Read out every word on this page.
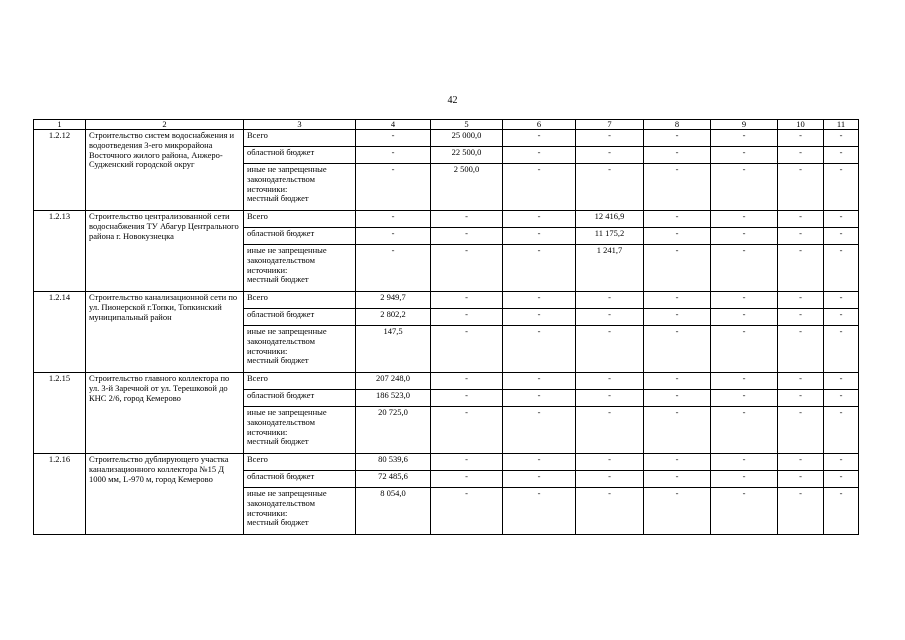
42
1	2	3	4	5	6	7	8	9	10	11
1.2.12	Строительство систем водоснабжения и водоотведения 3-его микрорайона Восточного жилого района, Анжеро-Судженский городской округ	Всего	-	25 000,0	-	-	-	-	-	-
		областной бюджет	-	22 500,0	-	-	-	-	-	-

		иные не запрещенные
законодательством
источники:
местный бюджет	-	2 500,0	-	-	-	-	-	-
1.2.13	Строительство централизованной сети водоснабжения ТУ Абагур Центрального района г. Новокузнецка	Всего	-	-	-	12 416,9	-	-	-	-
		областной бюджет	-	-	-	11 175,2	-	-	-	-

		иные не запрещенные
законодательством
источники:
местный бюджет	-	-	-	1 241,7	-	-	-	-
1.2.14	Строительство канализационной сети по ул. Пионерской г.Топки, Топкинский муниципальный район	Всего	2 949,7	-	-	-	-	-	-	-
		областной бюджет	2 802,2	-	-	-	-	-	-	-

		иные не запрещенные
законодательством
источники:
местный бюджет	147,5	-	-	-	-	-	-	-
1.2.15	Строительство главного коллектора по ул. 3-й Заречной от ул. Терешковой до КНС 2/6, город Кемерово	Всего	207 248,0	-	-	-	-	-	-	-
		областной бюджет	186 523,0	-	-	-	-	-	-	-

		иные не запрещенные
законодательством
источники:
местный бюджет	20 725,0	-	-	-	-	-	-	-
1.2.16	Строительство дублирующего участка канализационного коллектора №15 Д 1000 мм, L-970 м, город Кемерово	Всего	80 539,6	-	-	-	-	-	-	-
		областной бюджет	72 485,6	-	-	-	-	-	-	-

		иные не запрещенные
законодательством
источники:
местный бюджет	8 054,0	-	-	-	-	-	-	-
